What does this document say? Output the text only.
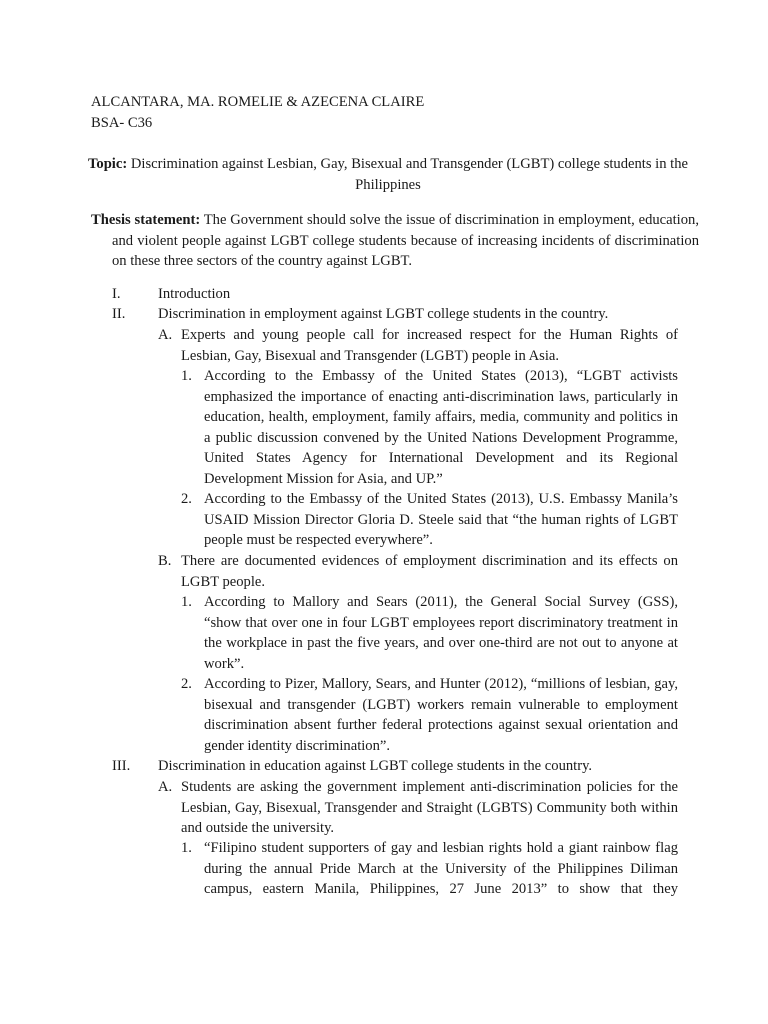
ALCANTARA, MA. ROMELIE & AZECENA CLAIRE
BSA- C36
Topic: Discrimination against Lesbian, Gay, Bisexual and Transgender (LGBT) college students in the Philippines
Thesis statement: The Government should solve the issue of discrimination in employment, education, and violent people against LGBT college students because of increasing incidents of discrimination on these three sectors of the country against LGBT.
I.	Introduction
II. Discrimination in employment against LGBT college students in the country.
A. Experts and young people call for increased respect for the Human Rights of Lesbian, Gay, Bisexual and Transgender (LGBT) people in Asia.
1. According to the Embassy of the United States (2013), “LGBT activists emphasized the importance of enacting anti-discrimination laws, particularly in education, health, employment, family affairs, media, community and politics in a public discussion convened by the United Nations Development Programme, United States Agency for International Development and its Regional Development Mission for Asia, and UP.”
2. According to the Embassy of the United States (2013), U.S. Embassy Manila’s USAID Mission Director Gloria D. Steele said that “the human rights of LGBT people must be respected everywhere”.
B. There are documented evidences of employment discrimination and its effects on LGBT people.
1. According to Mallory and Sears (2011), the General Social Survey (GSS), “show that over one in four LGBT employees report discriminatory treatment in the workplace in past the five years, and over one-third are not out to anyone at work”.
2. According to Pizer, Mallory, Sears, and Hunter (2012), “millions of lesbian, gay, bisexual and transgender (LGBT) workers remain vulnerable to employment discrimination absent further federal protections against sexual orientation and gender identity discrimination”.
III. Discrimination in education against LGBT college students in the country.
A. Students are asking the government implement anti-discrimination policies for the Lesbian, Gay, Bisexual, Transgender and Straight (LGBTS) Community both within and outside the university.
1. “Filipino student supporters of gay and lesbian rights hold a giant rainbow flag during the annual Pride March at the University of the Philippines Diliman campus, eastern Manila, Philippines, 27 June 2013” to show that they
